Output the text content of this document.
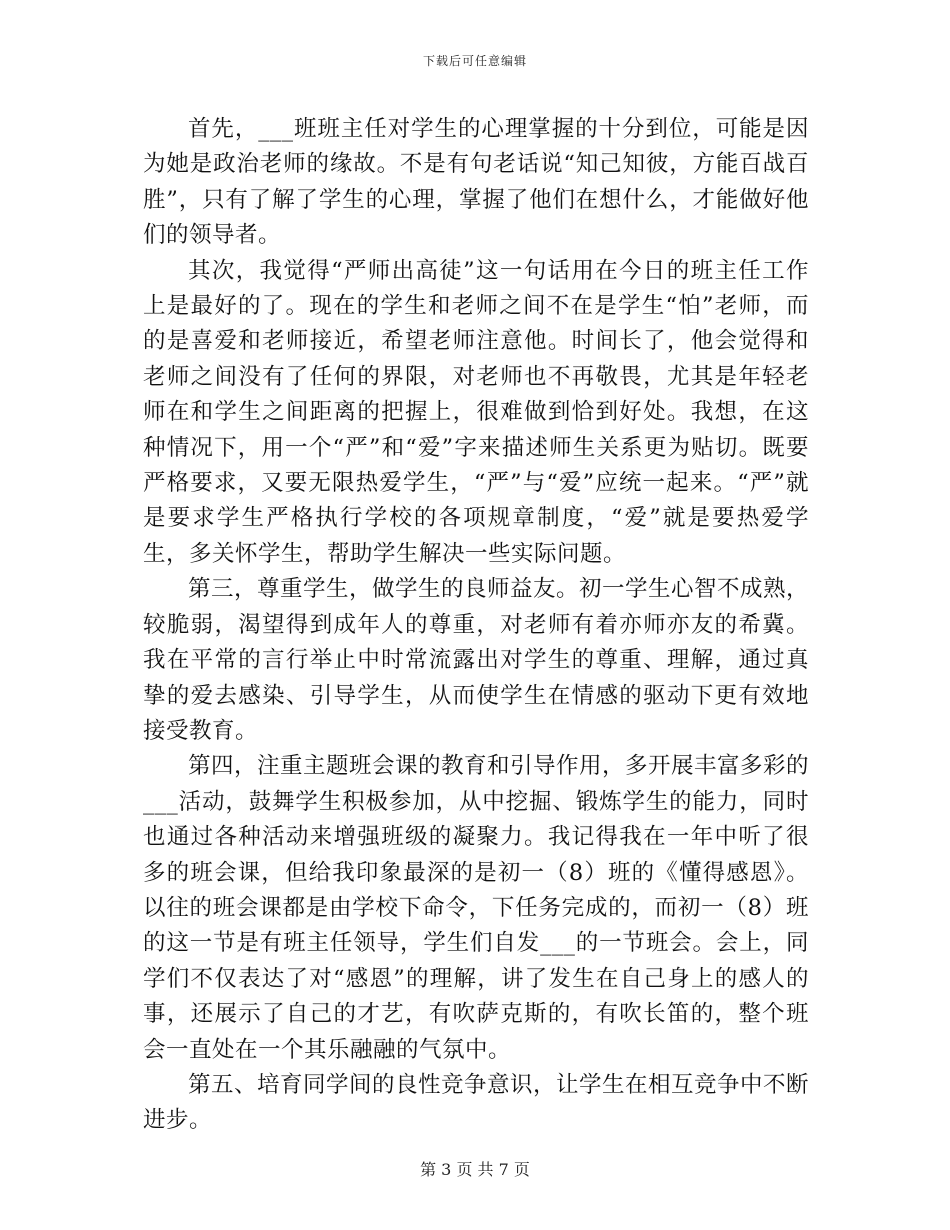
下载后可任意编辑

首先，___班班主任对学生的心理掌握的十分到位，可能是因为她是政治老师的缘故。不是有句老话说“知己知彼，方能百战百胜”，只有了解了学生的心理，掌握了他们在想什么，才能做好他们的领导者。

其次，我觉得“严师出高徒”这一句话用在今日的班主任工作上是最好的了。现在的学生和老师之间不在是学生“怕”老师，而的是喜爱和老师接近，希望老师注意他。时间长了，他会觉得和老师之间没有了任何的界限，对老师也不再敬畏，尤其是年轻老师在和学生之间距离的把握上，很难做到恰到好处。我想，在这种情况下，用一个“严”和“爱”字来描述师生关系更为贴切。既要严格要求，又要无限热爱学生，“严”与“爱”应统一起来。“严”就是要求学生严格执行学校的各项规章制度，“爱”就是要热爱学生，多关怀学生，帮助学生解决一些实际问题。

第三，尊重学生，做学生的良师益友。初一学生心智不成熟，较脆弱，渴望得到成年人的尊重，对老师有着亦师亦友的希冀。我在平常的言行举止中时常流露出对学生的尊重、理解，通过真挚的爱去感染、引导学生，从而使学生在情感的驱动下更有效地接受教育。

第四，注重主题班会课的教育和引导作用，多开展丰富多彩的___活动，鼓舞学生积极参加，从中挖掘、锻炼学生的能力，同时也通过各种活动来增强班级的凝聚力。我记得我在一年中听了很多的班会课，但给我印象最深的是初一（8）班的《懂得感恩》。以往的班会课都是由学校下命令，下任务完成的，而初一（8）班的这一节是有班主任领导，学生们自发___的一节班会。会上，同学们不仅表达了对“感恩”的理解，讲了发生在自己身上的感人的事，还展示了自己的才艺，有吹萨克斯的，有吹长笛的，整个班会一直处在一个其乐融融的气氛中。

第五、培育同学间的良性竞争意识，让学生在相互竞争中不断进步。

第 3 页 共 7 页
